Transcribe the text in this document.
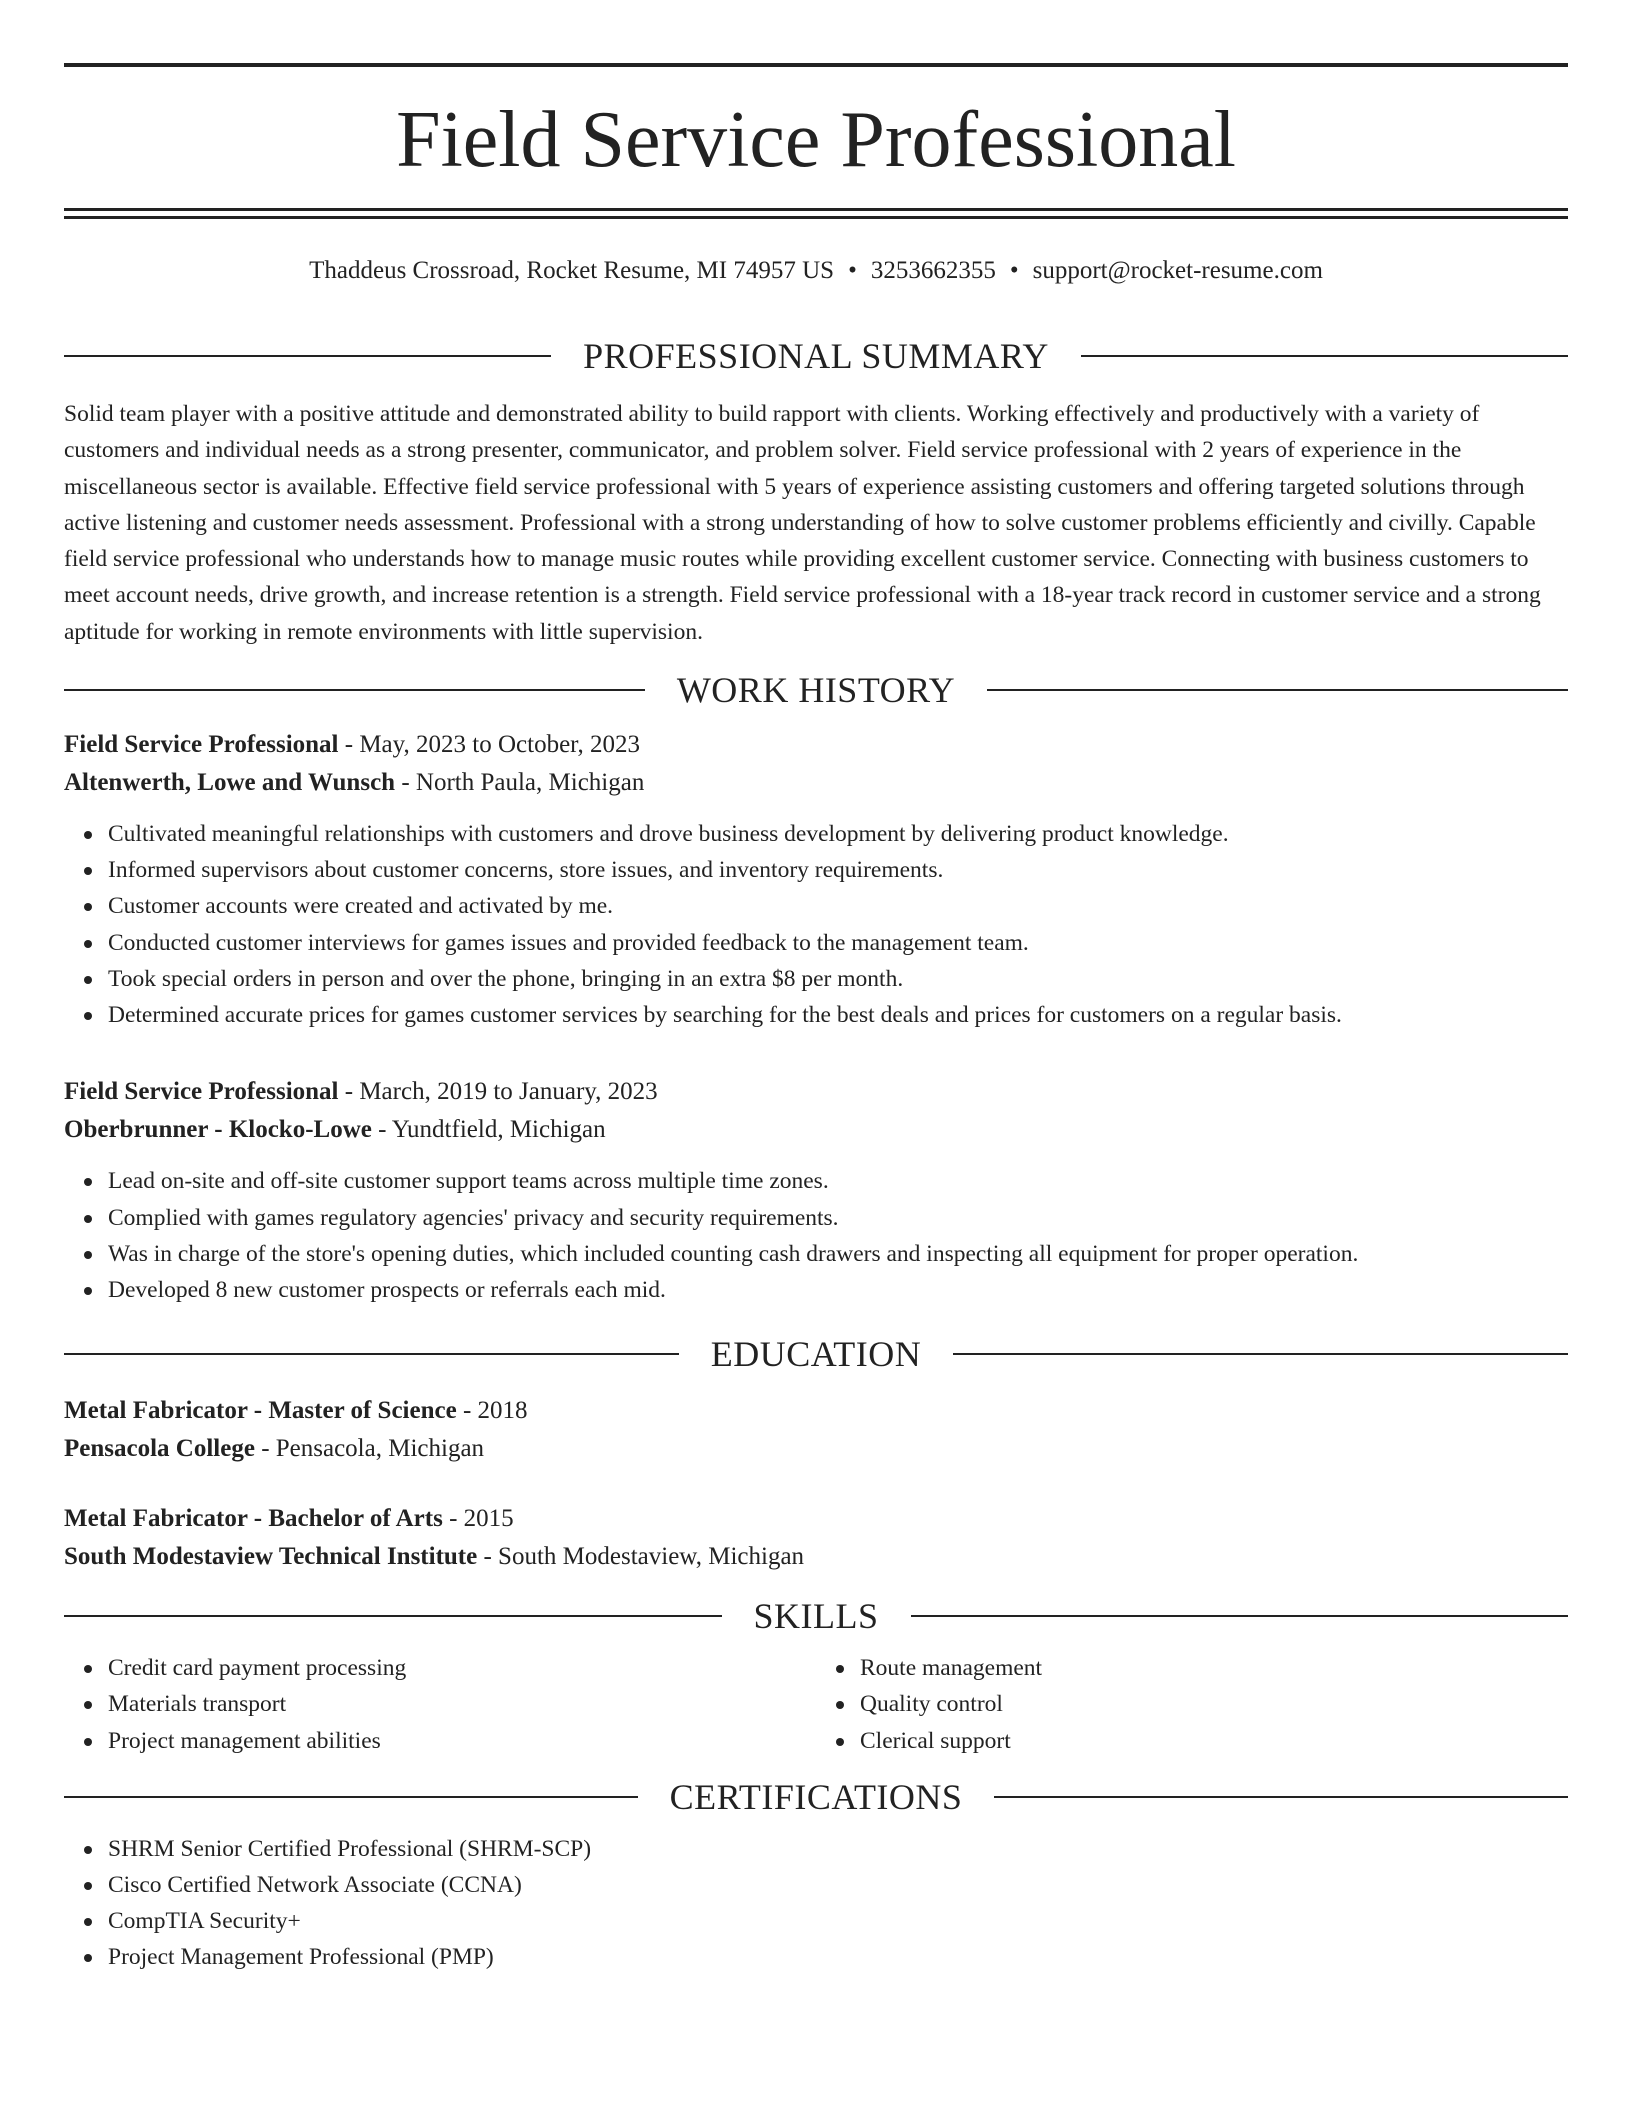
Field Service Professional
Thaddeus Crossroad, Rocket Resume, MI 74957 US • 3253662355 • support@rocket-resume.com
PROFESSIONAL SUMMARY

Solid team player with a positive attitude and demonstrated ability to build rapport with clients. Working effectively and productively with a variety of customers and individual needs as a strong presenter, communicator, and problem solver. Field service professional with 2 years of experience in the miscellaneous sector is available. Effective field service professional with 5 years of experience assisting customers and offering targeted solutions through active listening and customer needs assessment. Professional with a strong understanding of how to solve customer problems efficiently and civilly. Capable field service professional who understands how to manage music routes while providing excellent customer service. Connecting with business customers to meet account needs, drive growth, and increase retention is a strength. Field service professional with a 18-year track record in customer service and a strong aptitude for working in remote environments with little supervision.

WORK HISTORY
Field Service Professional - May, 2023 to October, 2023
Altenwerth, Lowe and Wunsch - North Paula, Michigan
Cultivated meaningful relationships with customers and drove business development by delivering product knowledge.
Informed supervisors about customer concerns, store issues, and inventory requirements.
Customer accounts were created and activated by me.
Conducted customer interviews for games issues and provided feedback to the management team.
Took special orders in person and over the phone, bringing in an extra $8 per month.
Determined accurate prices for games customer services by searching for the best deals and prices for customers on a regular basis.
Field Service Professional - March, 2019 to January, 2023
Oberbrunner - Klocko-Lowe - Yundtfield, Michigan
Lead on-site and off-site customer support teams across multiple time zones.
Complied with games regulatory agencies' privacy and security requirements.
Was in charge of the store's opening duties, which included counting cash drawers and inspecting all equipment for proper operation.
Developed 8 new customer prospects or referrals each mid.
EDUCATION
Metal Fabricator - Master of Science - 2018
Pensacola College - Pensacola, Michigan
Metal Fabricator - Bachelor of Arts - 2015
South Modestaview Technical Institute - South Modestaview, Michigan
SKILLS
Credit card payment processing
Materials transport
Project management abilities
Route management
Quality control
Clerical support
CERTIFICATIONS
SHRM Senior Certified Professional (SHRM-SCP)
Cisco Certified Network Associate (CCNA)
CompTIA Security+
Project Management Professional (PMP)
